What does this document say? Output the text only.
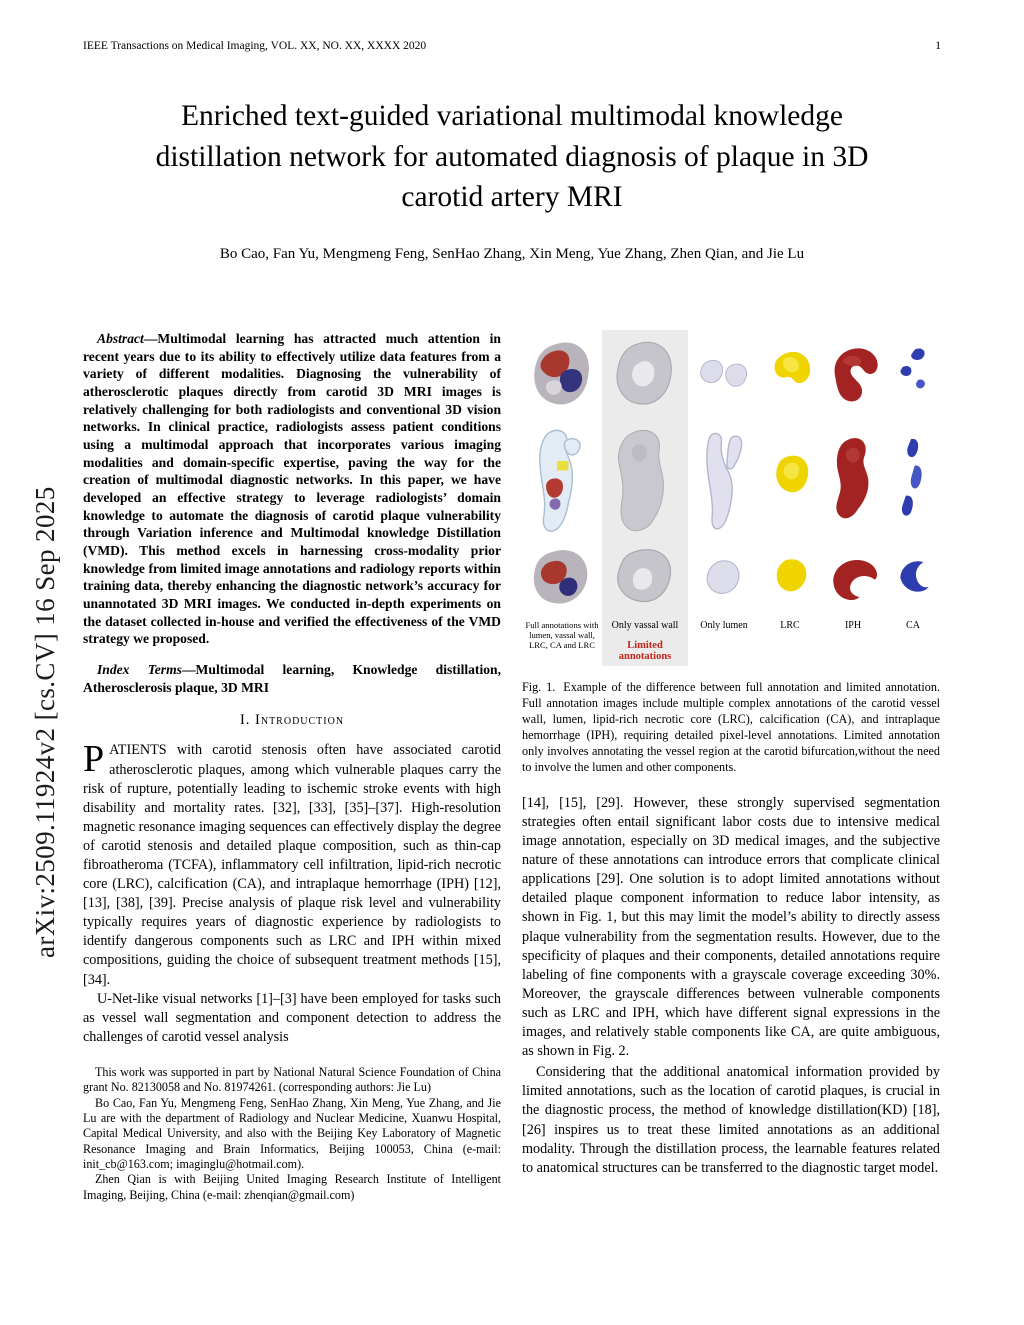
IEEE Transactions on Medical Imaging, VOL. XX, NO. XX, XXXX 2020	1
arXiv:2509.11924v2 [cs.CV] 16 Sep 2025
Enriched text-guided variational multimodal knowledge distillation network for automated diagnosis of plaque in 3D carotid artery MRI
Bo Cao, Fan Yu, Mengmeng Feng, SenHao Zhang, Xin Meng, Yue Zhang, Zhen Qian, and Jie Lu

Abstract—Multimodal learning has attracted much attention in recent years due to its ability to effectively utilize data features from a variety of different modalities. Diagnosing the vulnerability of atherosclerotic plaques directly from carotid 3D MRI images is relatively challenging for both radiologists and conventional 3D vision networks. In clinical practice, radiologists assess patient conditions using a multimodal approach that incorporates various imaging modalities and domain-specific expertise, paving the way for the creation of multimodal diagnostic networks. In this paper, we have developed an effective strategy to leverage radiologists’ domain knowledge to automate the diagnosis of carotid plaque vulnerability through Variation inference and Multimodal knowledge Distillation (VMD). This method excels in harnessing cross-modality prior knowledge from limited image annotations and radiology reports within training data, thereby enhancing the diagnostic network’s accuracy for unannotated 3D MRI images. We conducted in-depth experiments on the dataset collected in-house and verified the effectiveness of the VMD strategy we proposed.

Index Terms—Multimodal learning, Knowledge distillation, Atherosclerosis plaque, 3D MRI

I. Introduction

PATIENTS with carotid stenosis often have associated carotid atherosclerotic plaques, among which vulnerable plaques carry the risk of rupture, potentially leading to ischemic stroke events with high disability and mortality rates. [32], [33], [35]–[37]. High-resolution magnetic resonance imaging sequences can effectively display the degree of carotid stenosis and detailed plaque composition, such as thin-cap fibroatheroma (TCFA), inflammatory cell infiltration, lipid-rich necrotic core (LRC), calcification (CA), and intraplaque hemorrhage (IPH) [12], [13], [38], [39]. Precise analysis of plaque risk level and vulnerability typically requires years of diagnostic experience by radiologists to identify dangerous components such as LRC and IPH within mixed compositions, guiding the choice of subsequent treatment methods [15], [34].

U-Net-like visual networks [1]–[3] have been employed for tasks such as vessel wall segmentation and component detection to address the challenges of carotid vessel analysis

This work was supported in part by National Natural Science Foundation of China grant No. 82130058 and No. 81974261. (corresponding authors: Jie Lu)

Bo Cao, Fan Yu, Mengmeng Feng, SenHao Zhang, Xin Meng, Yue Zhang, and Jie Lu are with the department of Radiology and Nuclear Medicine, Xuanwu Hospital, Capital Medical University, and also with the Beijing Key Laboratory of Magnetic Resonance Imaging and Brain Informatics, Beijing 100053, China (e-mail: init_cb@163.com; imaginglu@hotmail.com).

Zhen Qian is with Beijing United Imaging Research Institute of Intelligent Imaging, Beijing, China (e-mail: zhenqian@gmail.com)

Full annotations with lumen, vassal wall, LRC, CA and LRC
Only vassal wall
Limited annotations
Only lumen	LRC	IPH	CA

Fig. 1. Example of the difference between full annotation and limited annotation. Full annotation images include multiple complex annotations of the carotid vessel wall, lumen, lipid-rich necrotic core (LRC), calcification (CA), and intraplaque hemorrhage (IPH), requiring detailed pixel-level annotations. Limited annotation only involves annotating the vessel region at the carotid bifurcation,without the need to involve the lumen and other components.

[14], [15], [29]. However, these strongly supervised segmentation strategies often entail significant labor costs due to intensive medical image annotation, especially on 3D medical images, and the subjective nature of these annotations can introduce errors that complicate clinical applications [29]. One solution is to adopt limited annotations without detailed plaque component information to reduce labor intensity, as shown in Fig. 1, but this may limit the model’s ability to directly assess plaque vulnerability from the segmentation results. However, due to the specificity of plaques and their components, detailed annotations require labeling of fine components with a grayscale coverage exceeding 30%. Moreover, the grayscale differences between vulnerable components such as LRC and IPH, which have different signal expressions in the images, and relatively stable components like CA, are quite ambiguous, as shown in Fig. 2.

Considering that the additional anatomical information provided by limited annotations, such as the location of carotid plaques, is crucial in the diagnostic process, the method of knowledge distillation(KD) [18], [26] inspires us to treat these limited annotations as an additional modality. Through the distillation process, the learnable features related to anatomical structures can be transferred to the diagnostic target model.
